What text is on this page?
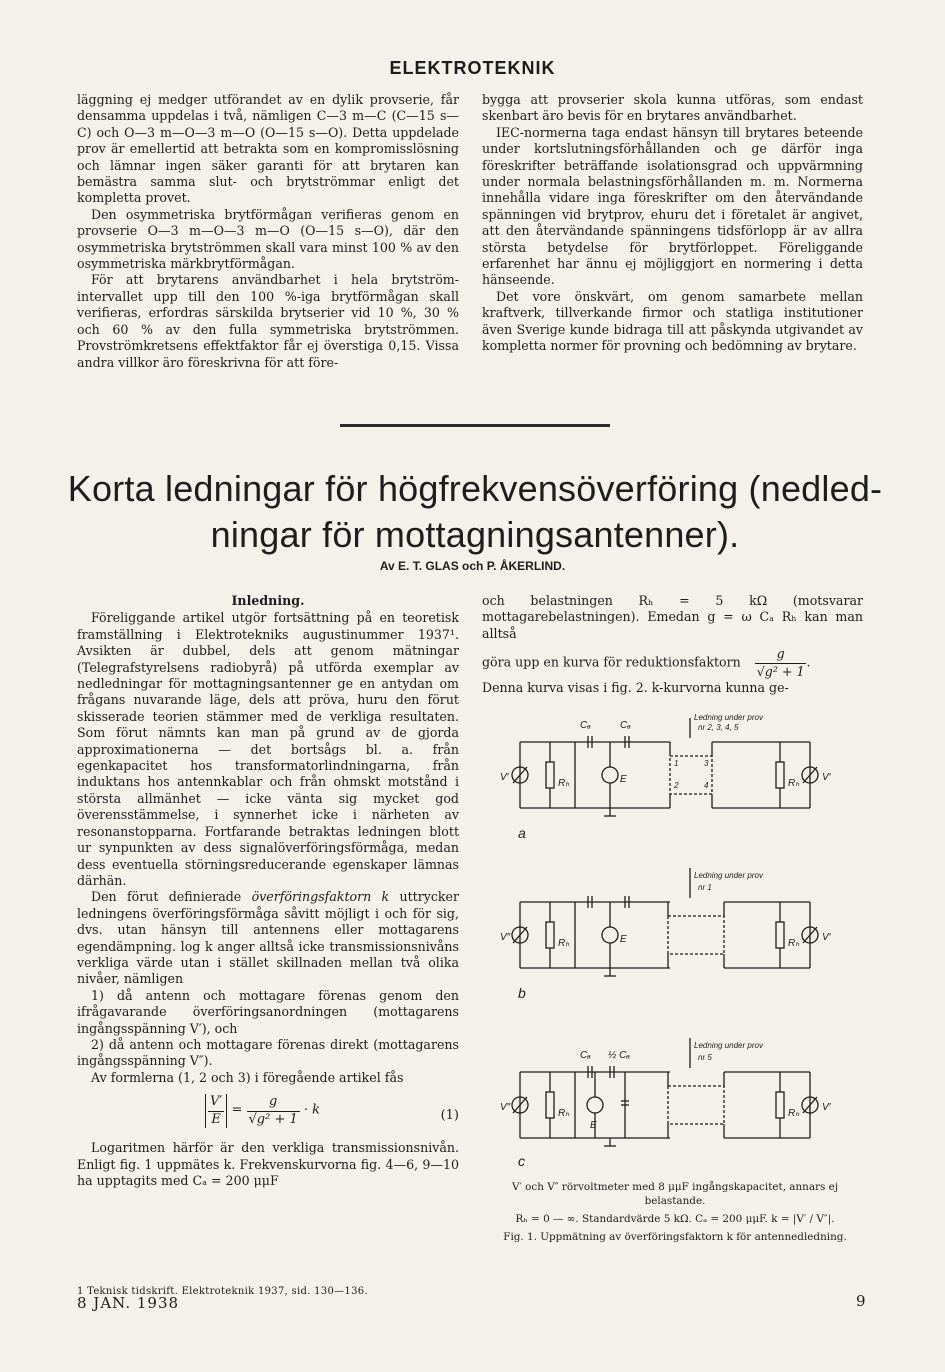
ELEKTROTEKNIK

läggning ej medger utförandet av en dylik provserie, får densamma uppdelas i två, nämligen C—3 m—C (C—15 s—C) och O—3 m—O—3 m—O (O—15 s—O). Detta uppdelade prov är emellertid att betrakta som en kompromisslösning och lämnar ingen säker garanti för att brytaren kan bemästra samma slut- och brytströmmar enligt det kompletta provet.

Den osymmetriska brytförmågan verifieras genom en provserie O—3 m—O—3 m—O (O—15 s—O), där den osymmetriska brytströmmen skall vara minst 100 % av den osymmetriska märkbrytförmågan.

För att brytarens användbarhet i hela brytströmintervallet upp till den 100 %-iga brytförmågan skall verifieras, erfordras särskilda brytserier vid 10 %, 30 % och 60 % av den fulla symmetriska brytströmmen. Provströmkretsens effektfaktor får ej överstiga 0,15. Vissa andra villkor äro föreskrivna för att före-

bygga att provserier skola kunna utföras, som endast skenbart äro bevis för en brytares användbarhet.

IEC-normerna taga endast hänsyn till brytares beteende under kortslutningsförhållanden och ge därför inga föreskrifter beträffande isolationsgrad och uppvärmning under normala belastningsförhållanden m. m. Normerna innehålla vidare inga föreskrifter om den återvändande spänningen vid brytprov, ehuru det i företalet är angivet, att den återvändande spänningens tidsförlopp är av allra största betydelse för brytförloppet. Föreliggande erfarenhet har ännu ej möjliggjort en normering i detta hänseende.

Det vore önskvärt, om genom samarbete mellan kraftverk, tillverkande firmor och statliga institutioner även Sverige kunde bidraga till att påskynda utgivandet av kompletta normer för provning och bedömning av brytare.

Korta ledningar för högfrekvensöverföring (nedled-
ningar för mottagningsantenner).
Av E. T. GLAS och P. ÅKERLIND.
Inledning.

Föreliggande artikel utgör fortsättning på en teoretisk framställning i Elektrotekniks augustinummer 1937¹. Avsikten är dubbel, dels att genom mätningar (Telegrafstyrelsens radiobyrå) på utförda exemplar av nedledningar för mottagningsantenner ge en antydan om frågans nuvarande läge, dels att pröva, huru den förut skisserade teorien stämmer med de verkliga resultaten. Som förut nämnts kan man på grund av de gjorda approximationerna — det bortsågs bl. a. från egenkapacitet hos transformatorlindningarna, från induktans hos antennkablar och från ohmskt motstånd i största allmänhet — icke vänta sig mycket god överensstämmelse, i synnerhet icke i närheten av resonanstopparna. Fortfarande betraktas ledningen blott ur synpunkten av dess signalöverföringsförmåga, medan dess eventuella störningsreducerande egenskaper lämnas därhän.

Den förut definierade överföringsfaktorn k uttrycker ledningens överföringsförmåga såvitt möjligt i och för sig, dvs. utan hänsyn till antennens eller mottagarens egendämpning. log k anger alltså icke transmissionsnivåns verkliga värde utan i stället skillnaden mellan två olika nivåer, nämligen

1) då antenn och mottagare förenas genom den ifrågavarande överföringsanordningen (mottagarens ingångsspänning V′), och

2) då antenn och mottagare förenas direkt (mottagarens ingångsspänning V″).

Av formlerna (1, 2 och 3) i föregående artikel fås

$\frac{V'}{E} = \frac{g}{\text{√g² + 1}} \cdot k$	(1)

Logaritmen härför är den verkliga transmissionsnivån. Enligt fig. 1 uppmätes k. Frekvenskurvorna fig. 4—6, 9—10 ha upptagits med Cₐ = 200 μμF

och belastningen Rₕ = 5 kΩ (motsvarar mottagarebelastningen). Emedan g = ω Cₐ Rₕ kan man alltså

göra upp en kurva för reduktionsfaktorn $\frac{g}{\text{√g² + 1}}$ .

Denna kurva visas i fig. 2. k-kurvorna kunna ge-

Cₐ	Cₐ
Rₕ	E
V′
Rₕ
V′
a
Ledning under prov
nr 2, 3, 4, 5
1
2
3
4
Rₕ	E
V″
Rₕ
V′
b
Ledning under prov
nr 1
Cₐ ½ Cₐ
Rₕ
E
V″
Rₕ
V′
c
Ledning under prov
nr 5
V′ och V″ rörvoltmeter med 8 μμF ingångskapacitet, annars ej belastande.
Rₕ = 0 — ∞. Standardvärde 5 kΩ. Cₐ = 200 μμF. k = |V′ / V″|.
Fig. 1. Uppmätning av överföringsfaktorn k för antennedledning.
1 Teknisk tidskrift. Elektroteknik 1937, sid. 130—136.
8 JAN. 1938	9
